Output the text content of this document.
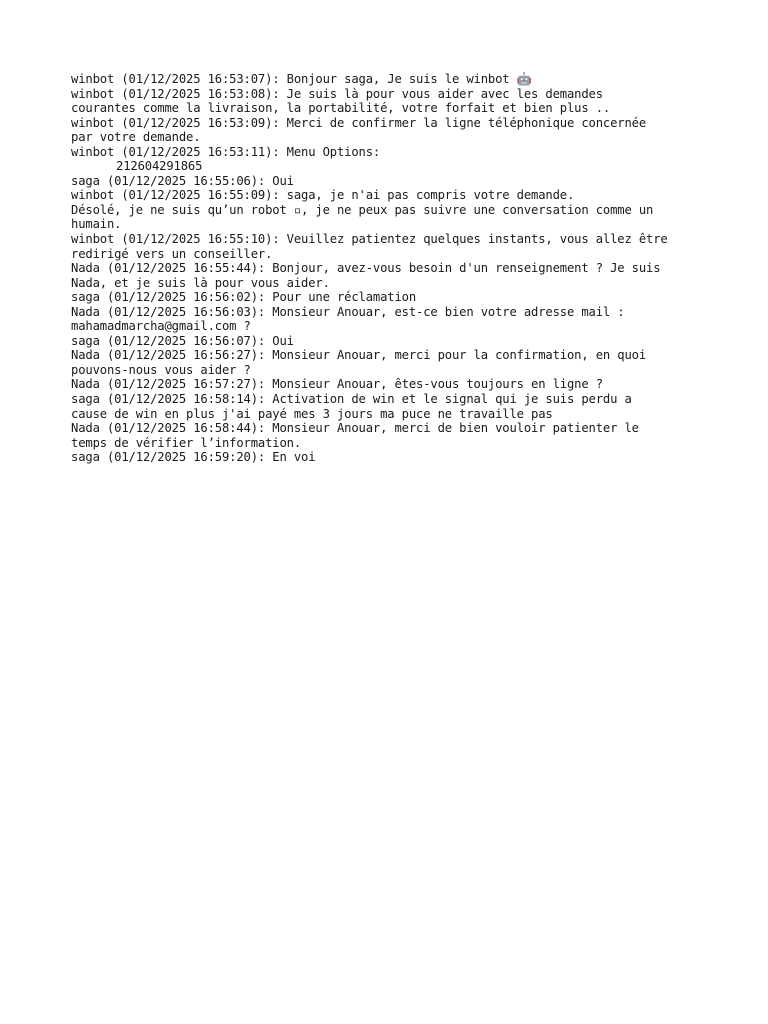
winbot (01/12/2025 16:53:07): Bonjour saga, Je suis le winbot 🤖
winbot (01/12/2025 16:53:08): Je suis là pour vous aider avec les demandes
courantes comme la livraison, la portabilité, votre forfait et bien plus ..
winbot (01/12/2025 16:53:09): Merci de confirmer la ligne téléphonique concernée
par votre demande.
winbot (01/12/2025 16:53:11): Menu Options:
212604291865
saga (01/12/2025 16:55:06): Oui
winbot (01/12/2025 16:55:09): saga, je n'ai pas compris votre demande.
Désolé, je ne suis qu’un robot ▫, je ne peux pas suivre une conversation comme un
humain.
winbot (01/12/2025 16:55:10): Veuillez patientez quelques instants, vous allez être
redirigé vers un conseiller.
Nada (01/12/2025 16:55:44): Bonjour, avez-vous besoin d'un renseignement ? Je suis
Nada, et je suis là pour vous aider.
saga (01/12/2025 16:56:02): Pour une réclamation
Nada (01/12/2025 16:56:03): Monsieur Anouar, est-ce bien votre adresse mail :
mahamadmarcha@gmail.com ?
saga (01/12/2025 16:56:07): Oui
Nada (01/12/2025 16:56:27): Monsieur Anouar, merci pour la confirmation, en quoi
pouvons-nous vous aider ?
Nada (01/12/2025 16:57:27): Monsieur Anouar, êtes-vous toujours en ligne ?
saga (01/12/2025 16:58:14): Activation de win et le signal qui je suis perdu a
cause de win en plus j'ai payé mes 3 jours ma puce ne travaille pas
Nada (01/12/2025 16:58:44): Monsieur Anouar, merci de bien vouloir patienter le
temps de vérifier l’information.
saga (01/12/2025 16:59:20): En voi
